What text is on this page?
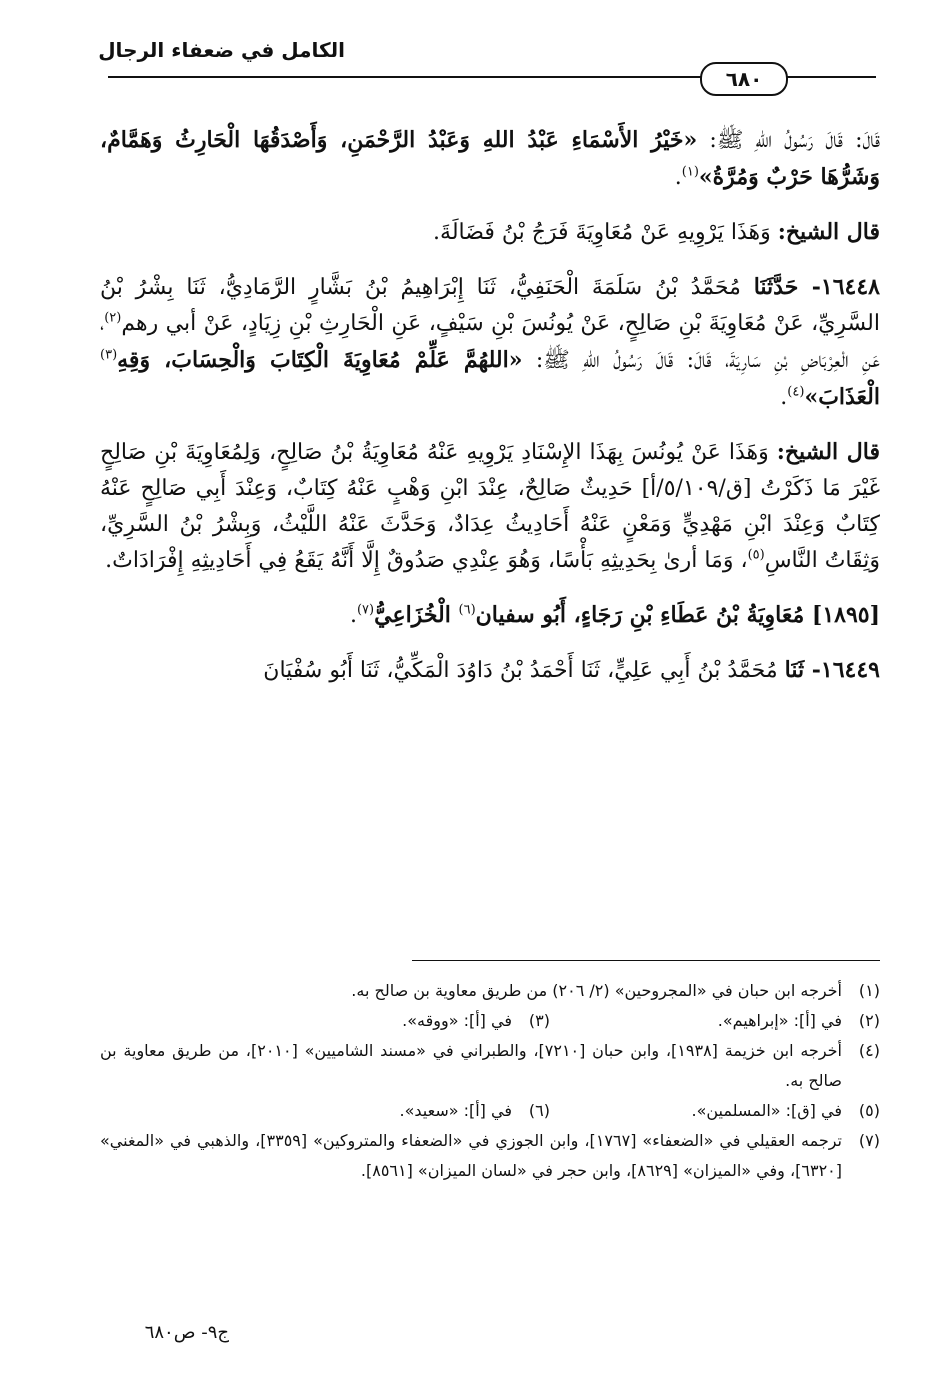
الكامل في ضعفاء الرجال
٦٨٠

قَالَ: قَالَ رَسُولُ اللهِ ﷺ: «خَيْرُ الأَسْمَاءِ عَبْدُ اللهِ وَعَبْدُ الرَّحْمَنِ، وَأَصْدَقُهَا الْحَارِثُ وَهَمَّامٌ، وَشَرُّهَا حَرْبٌ وَمُرَّةُ»$^{(١)}$.

قال الشيخ: وَهَذَا يَرْوِيهِ عَنْ مُعَاوِيَةَ فَرَجُ بْنُ فَضَالَةَ.

١٦٤٤٨- حَدَّثَنَا مُحَمَّدُ بْنُ سَلَمَةَ الْحَنَفِيُّ، ثَنَا إِبْرَاهِيمُ بْنُ بَشَّارٍ الرَّمَادِيُّ، ثَنَا بِشْرُ بْنُ السَّرِيِّ، عَنْ مُعَاوِيَةَ بْنِ صَالِحٍ، عَنْ يُونُسَ بْنِ سَيْفٍ، عَنِ الْحَارِثِ بْنِ زِيَادٍ، عَنْ أبي رهم$^{(٢)}$، عَنِ الْعِرْبَاضِ بْنِ سَارِيَةَ، قَالَ: قَالَ رَسُولُ اللهِ ﷺ: «اللهُمَّ عَلِّمْ مُعَاوِيَةَ الْكِتَابَ وَالْحِسَابَ، وَقِهِ$^{(٣)}$ الْعَذَابَ»$^{(٤)}$.

قال الشيخ: وَهَذَا عَنْ يُونُسَ بِهَذَا الإِسْنَادِ يَرْوِيهِ عَنْهُ مُعَاوِيَةُ بْنُ صَالِحٍ، وَلِمُعَاوِيَةَ بْنِ صَالِحٍ غَيْرَ مَا ذَكَرْتُ [ق/٥/١٠٩/أ] حَدِيثٌ صَالِحٌ، عِنْدَ ابْنِ وَهْبٍ عَنْهُ كِتَابٌ، وَعِنْدَ أَبِي صَالِحٍ عَنْهُ كِتَابٌ وَعِنْدَ ابْنِ مَهْدِيٍّ وَمَعْنٍ عَنْهُ أَحَادِيثُ عِدَادٌ، وَحَدَّثَ عَنْهُ اللَّيْثُ، وَبِشْرُ بْنُ السَّرِيِّ، وَثِقَاتُ النَّاسِ$^{(٥)}$، وَمَا أرىٰ بِحَدِيثِهِ بَأْسًا، وَهُوَ عِنْدِي صَدُوقٌ إِلَّا أَنَّهُ يَقَعُ فِي أَحَادِيثِهِ إِفْرَادَاتٌ.

[١٨٩٥] مُعَاوِيَةُ بْنُ عَطَاءِ بْنِ رَجَاءٍ، أَبُو سفيان$^{(٦)}$ الْخُزَاعِيُّ$^{(٧)}$.

١٦٤٤٩- ثَنَا مُحَمَّدُ بْنُ أَبِي عَلِيٍّ، ثَنَا أَحْمَدُ بْنُ دَاوُدَ الْمَكِّيُّ، ثَنَا أَبُو سُفْيَانَ

(١)
أخرجه ابن حبان في «المجروحين» (٢/ ٢٠٦) من طريق معاوية بن صالح به.
(٢)
في [أ]: «إبراهيم».
(٣)
في [أ]: «ووقه».
(٤)
أخرجه ابن خزيمة [١٩٣٨]، وابن حبان [٧٢١٠]، والطبراني في «مسند الشاميين» [٢٠١٠]، من طريق معاوية بن صالح به.
(٥)
في [ق]: «المسلمين».
(٦)
في [أ]: «سعيد».
(٧)
ترجمه العقيلي في «الضعفاء» [١٧٦٧]، وابن الجوزي في «الضعفاء والمتروكين» [٣٣٥٩]، والذهبي في «المغني» [٦٣٢٠]، وفي «الميزان» [٨٦٢٩]، وابن حجر في «لسان الميزان» [٨٥٦١].
ج٩- ص٦٨٠
